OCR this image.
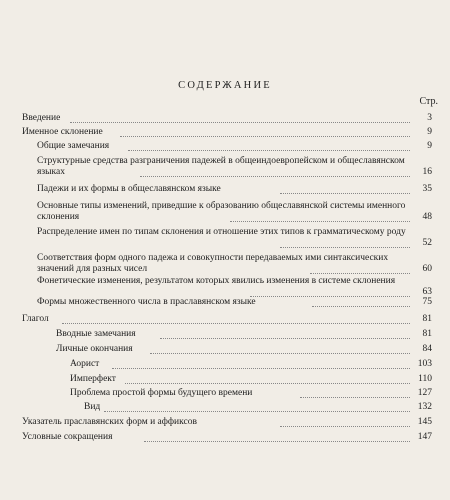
СОДЕРЖАНИЕ
Стр.
Введение	3
Именное склонение	9
Общие замечания	9
Структурные средства разграничения падежей в общеиндоевропейском и общеславянском языках	16
Падежи и их формы в общеславянском языке	35
Основные типы изменений, приведшие к образованию общеславянской системы именного склонения	48
Распределение имен по типам склонения и отношение этих типов к грамматическому роду
52
Соответствия форм одного падежа и совокупности передаваемых ими синтаксических значений для разных чисел	60
Фонетические изменения, результатом которых явились изменения в системе склонения
63
Формы множественного числа в праславянском языке	75
Глагол	81
Вводные замечания	81
Личные окончания	84
Аорист	103
Имперфект	110
Проблема простой формы будущего времени	127
Вид	132
Указатель праславянских форм и аффиксов	145
Условные сокращения	147
